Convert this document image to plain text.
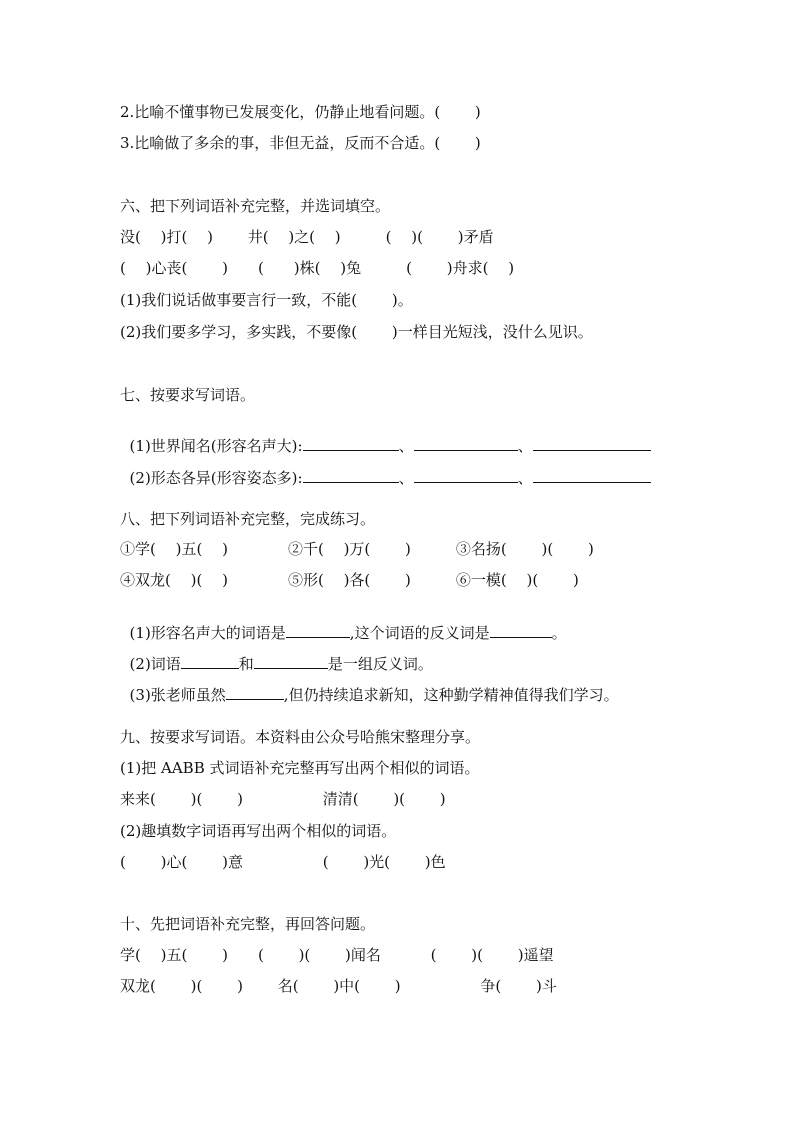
2.比喻不懂事物已发展变化，仍静止地看问题。(　　 )
3.比喻做了多余的事，非但无益，反而不合适。(　　 )
六、把下列词语补充完整，并选词填空。
没(　 )打(　 )　　 井(　 )之(　 )　　　(　 )(　　 )矛盾
(　 )心丧(　　 )　　(　　)株(　 )兔　　　(　　 )舟求(　 )
(1)我们说话做事要言行一致，不能(　　 )。
(2)我们要多学习，多实践，不要像(　　 )一样目光短浅，没什么见识。
七、按要求写词语。

(1)世界闻名(形容名声大):	、	、

(2)形态各异(形容姿态多):	、	、

八、把下列词语补充完整，完成练习。
①学(　 )五(　 )　　　　②千(　 )万(　　 )　　　③名扬(　　 )(　　 )
④双龙(　 )(　 )　　　　⑤形(　 )各(　　 )　　　⑥一模(　 )(　　 )

(1)形容名声大的词语是	,这个词语的反义词是	。

(2)词语	和	是一组反义词。

(3)张老师虽然	,但仍持续追求新知，这种勤学精神值得我们学习。

九、按要求写词语。本资料由公众号哈熊宋整理分享。
(1)把 AABB 式词语补充完整再写出两个相似的词语。
来来(　　 )(　　 )　　　　　 清清(　　 )(　　 )
(2)趣填数字词语再写出两个相似的词语。
(　　 )心(　　 )意　　　　　 (　　 )光(　　 )色
十、先把词语补充完整，再回答问题。
学(　 )五(　　 )　　(　　 )(　　 )闻名　　　 (　　 )(　　 )遥望
双龙(　　 )(　　 )　　 名(　　 )中(　　 )　　　　　 争(　　 )斗
